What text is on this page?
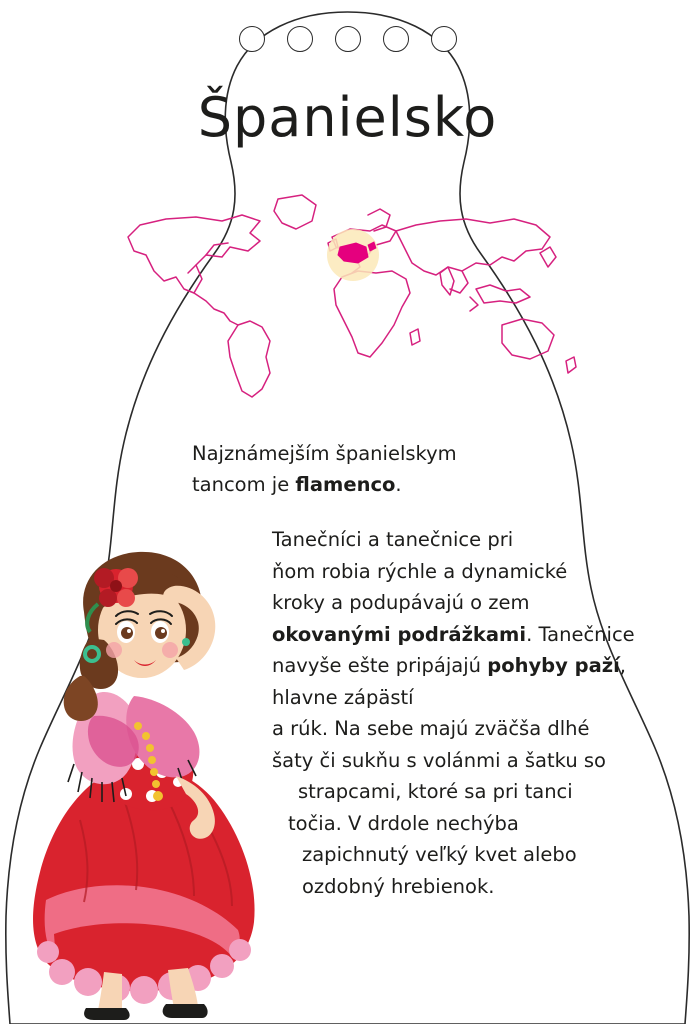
Španielsko
Najznámejším španielskym
tancom je flamenco.
Tanečníci a tanečnice pri
ňom robia rýchle a dynamické
kroky a podupávajú o zem
okovanými podrážkami. Tanečnice
navyše ešte pripájajú pohyby paží,
hlavne zápästí
a rúk. Na sebe majú zväčša dlhé
šaty či sukňu s volánmi a šatku so
strapcami, ktoré sa pri tanci
točia. V drdole nechýba
zapichnutý veľký kvet alebo
ozdobný hrebienok.
